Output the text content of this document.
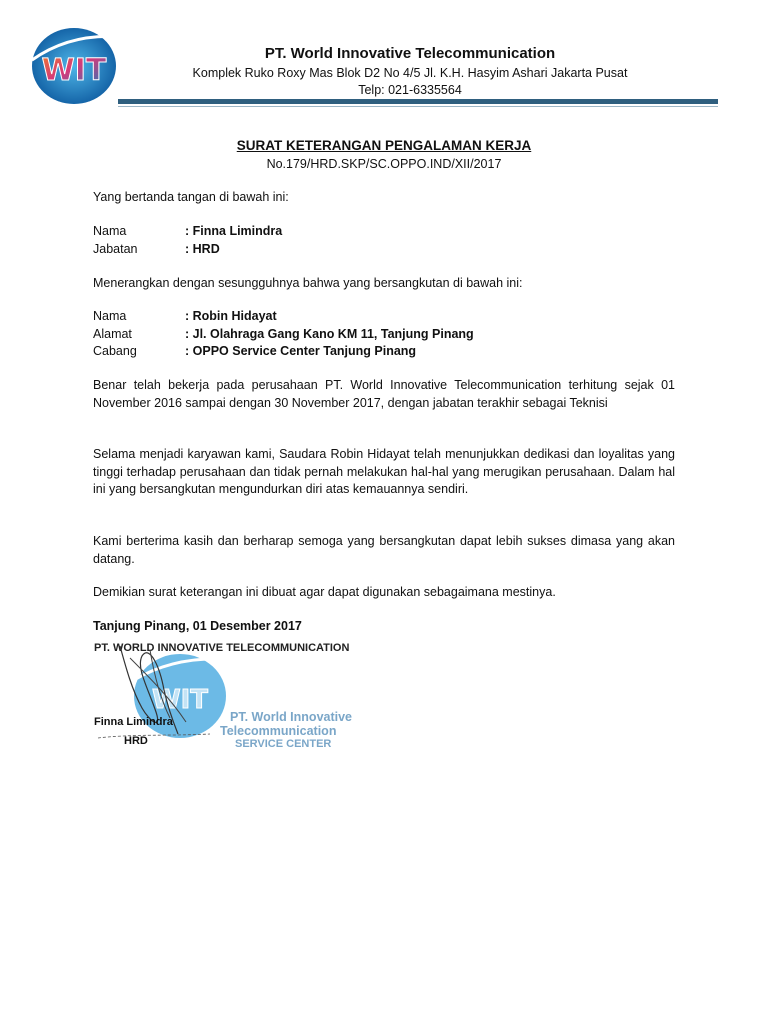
WIT	PT. World Innovative Telecommunication
Komplek Ruko Roxy Mas Blok D2 No 4/5 Jl. K.H. Hasyim Ashari Jakarta Pusat
Telp: 021-6335564
SURAT KETERANGAN PENGALAMAN KERJA
No.179/HRD.SKP/SC.OPPO.IND/XII/2017
Yang bertanda tangan di bawah ini:
Nama	: Finna Limindra
Jabatan	: HRD
Menerangkan dengan sesungguhnya bahwa yang bersangkutan di bawah ini:
Nama	: Robin Hidayat
Alamat	: Jl. Olahraga Gang Kano KM 11, Tanjung Pinang
Cabang	: OPPO Service Center Tanjung Pinang
Benar telah bekerja pada perusahaan PT. World Innovative Telecommunication terhitung sejak 01 November 2016 sampai dengan 30 November 2017, dengan jabatan terakhir sebagai Teknisi
Selama menjadi karyawan kami, Saudara Robin Hidayat telah menunjukkan dedikasi dan loyalitas yang tinggi terhadap perusahaan dan tidak pernah melakukan hal-hal yang merugikan perusahaan. Dalam hal ini yang bersangkutan mengundurkan diri atas kemauannya sendiri.
Kami berterima kasih dan berharap semoga yang bersangkutan dapat lebih sukses dimasa yang akan datang.
Demikian surat keterangan ini dibuat agar dapat digunakan sebagaimana mestinya.
Tanjung Pinang, 01 Desember 2017
WIT
PT. WORLD INNOVATIVE TELECOMMUNICATION
PT. World Innovative
Telecommunication
SERVICE CENTER
Finna Limindra
HRD
